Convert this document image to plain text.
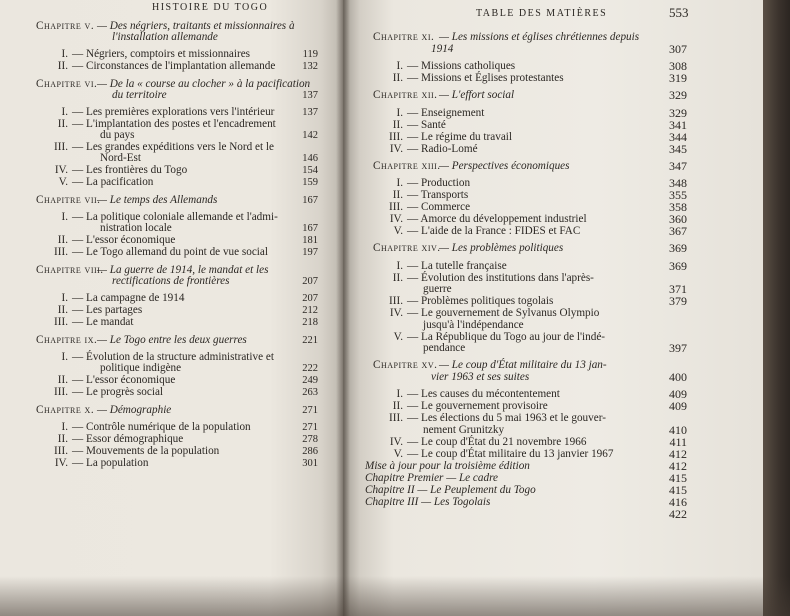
HISTOIRE DU TOGO
Chapitre v. — Des négriers, traitants et missionnaires à
l'installation allemande
I. — Négriers, comptoirs et missionnaires	119
II. — Circonstances de l'implantation allemande	132
Chapitre vi. — De la « course au clocher » à la pacification
du territoire	137
I. — Les premières explorations vers l'intérieur	137
II. — L'implantation des postes et l'encadrement
du pays	142
III. — Les grandes expéditions vers le Nord et le
Nord-Est	146
IV. — Les frontières du Togo	154
V. — La pacification	159
Chapitre vii.
— Le temps des Allemands	167
I. — La politique coloniale allemande et l'admi-
nistration locale	167
II. — L'essor économique	181
III. — Le Togo allemand du point de vue social	197
Chapitre viii.
— La guerre de 1914, le mandat et les
rectifications de frontières	207
I. — La campagne de 1914	207
II. — Les partages	212
III. — Le mandat	218
Chapitre ix. — Le Togo entre les deux guerres	221
I. — Évolution de la structure administrative et
politique indigène	222
II. — L'essor économique	249
III. — Le progrès social	263
Chapitre x. — Démographie	271
I. — Contrôle numérique de la population	271
II. — Essor démographique	278
III. — Mouvements de la population	286
IV. — La population	301
TABLE DES MATIÈRES	553
Chapitre xi. — Les missions et églises chrétiennes depuis
1914	307
I. — Missions catholiques	308
II. — Missions et Églises protestantes	319
Chapitre xii. — L'effort social	329
I. — Enseignement	329
II. — Santé	341
III. — Le régime du travail	344
IV. — Radio-Lomé	345
Chapitre xiii.
— Perspectives économiques	347
I. — Production	348
II. — Transports	355
III. — Commerce	358
IV. — Amorce du développement industriel	360
V. — L'aide de la France : FIDES et FAC	367
Chapitre xiv.
— Les problèmes politiques	369
I. — La tutelle française	369
II. — Évolution des institutions dans l'après-
guerre	371
III. — Problèmes politiques togolais	379
IV. — Le gouvernement de Sylvanus Olympio
jusqu'à l'indépendance
V. — La République du Togo au jour de l'indé-
pendance	397
Chapitre xv. — Le coup d'État militaire du 13 jan-
vier 1963 et ses suites	400
I. — Les causes du mécontentement	409
II. — Le gouvernement provisoire	409
III. — Les élections du 5 mai 1963 et le gouver-
nement Grunitzky	410
IV. — Le coup d'État du 21 novembre 1966	411
V. — Le coup d'État militaire du 13 janvier 1967	412
Mise à jour pour la troisième édition	412
Chapitre Premier — Le cadre	415
Chapitre II — Le Peuplement du Togo	415
Chapitre III — Les Togolais	416
422
